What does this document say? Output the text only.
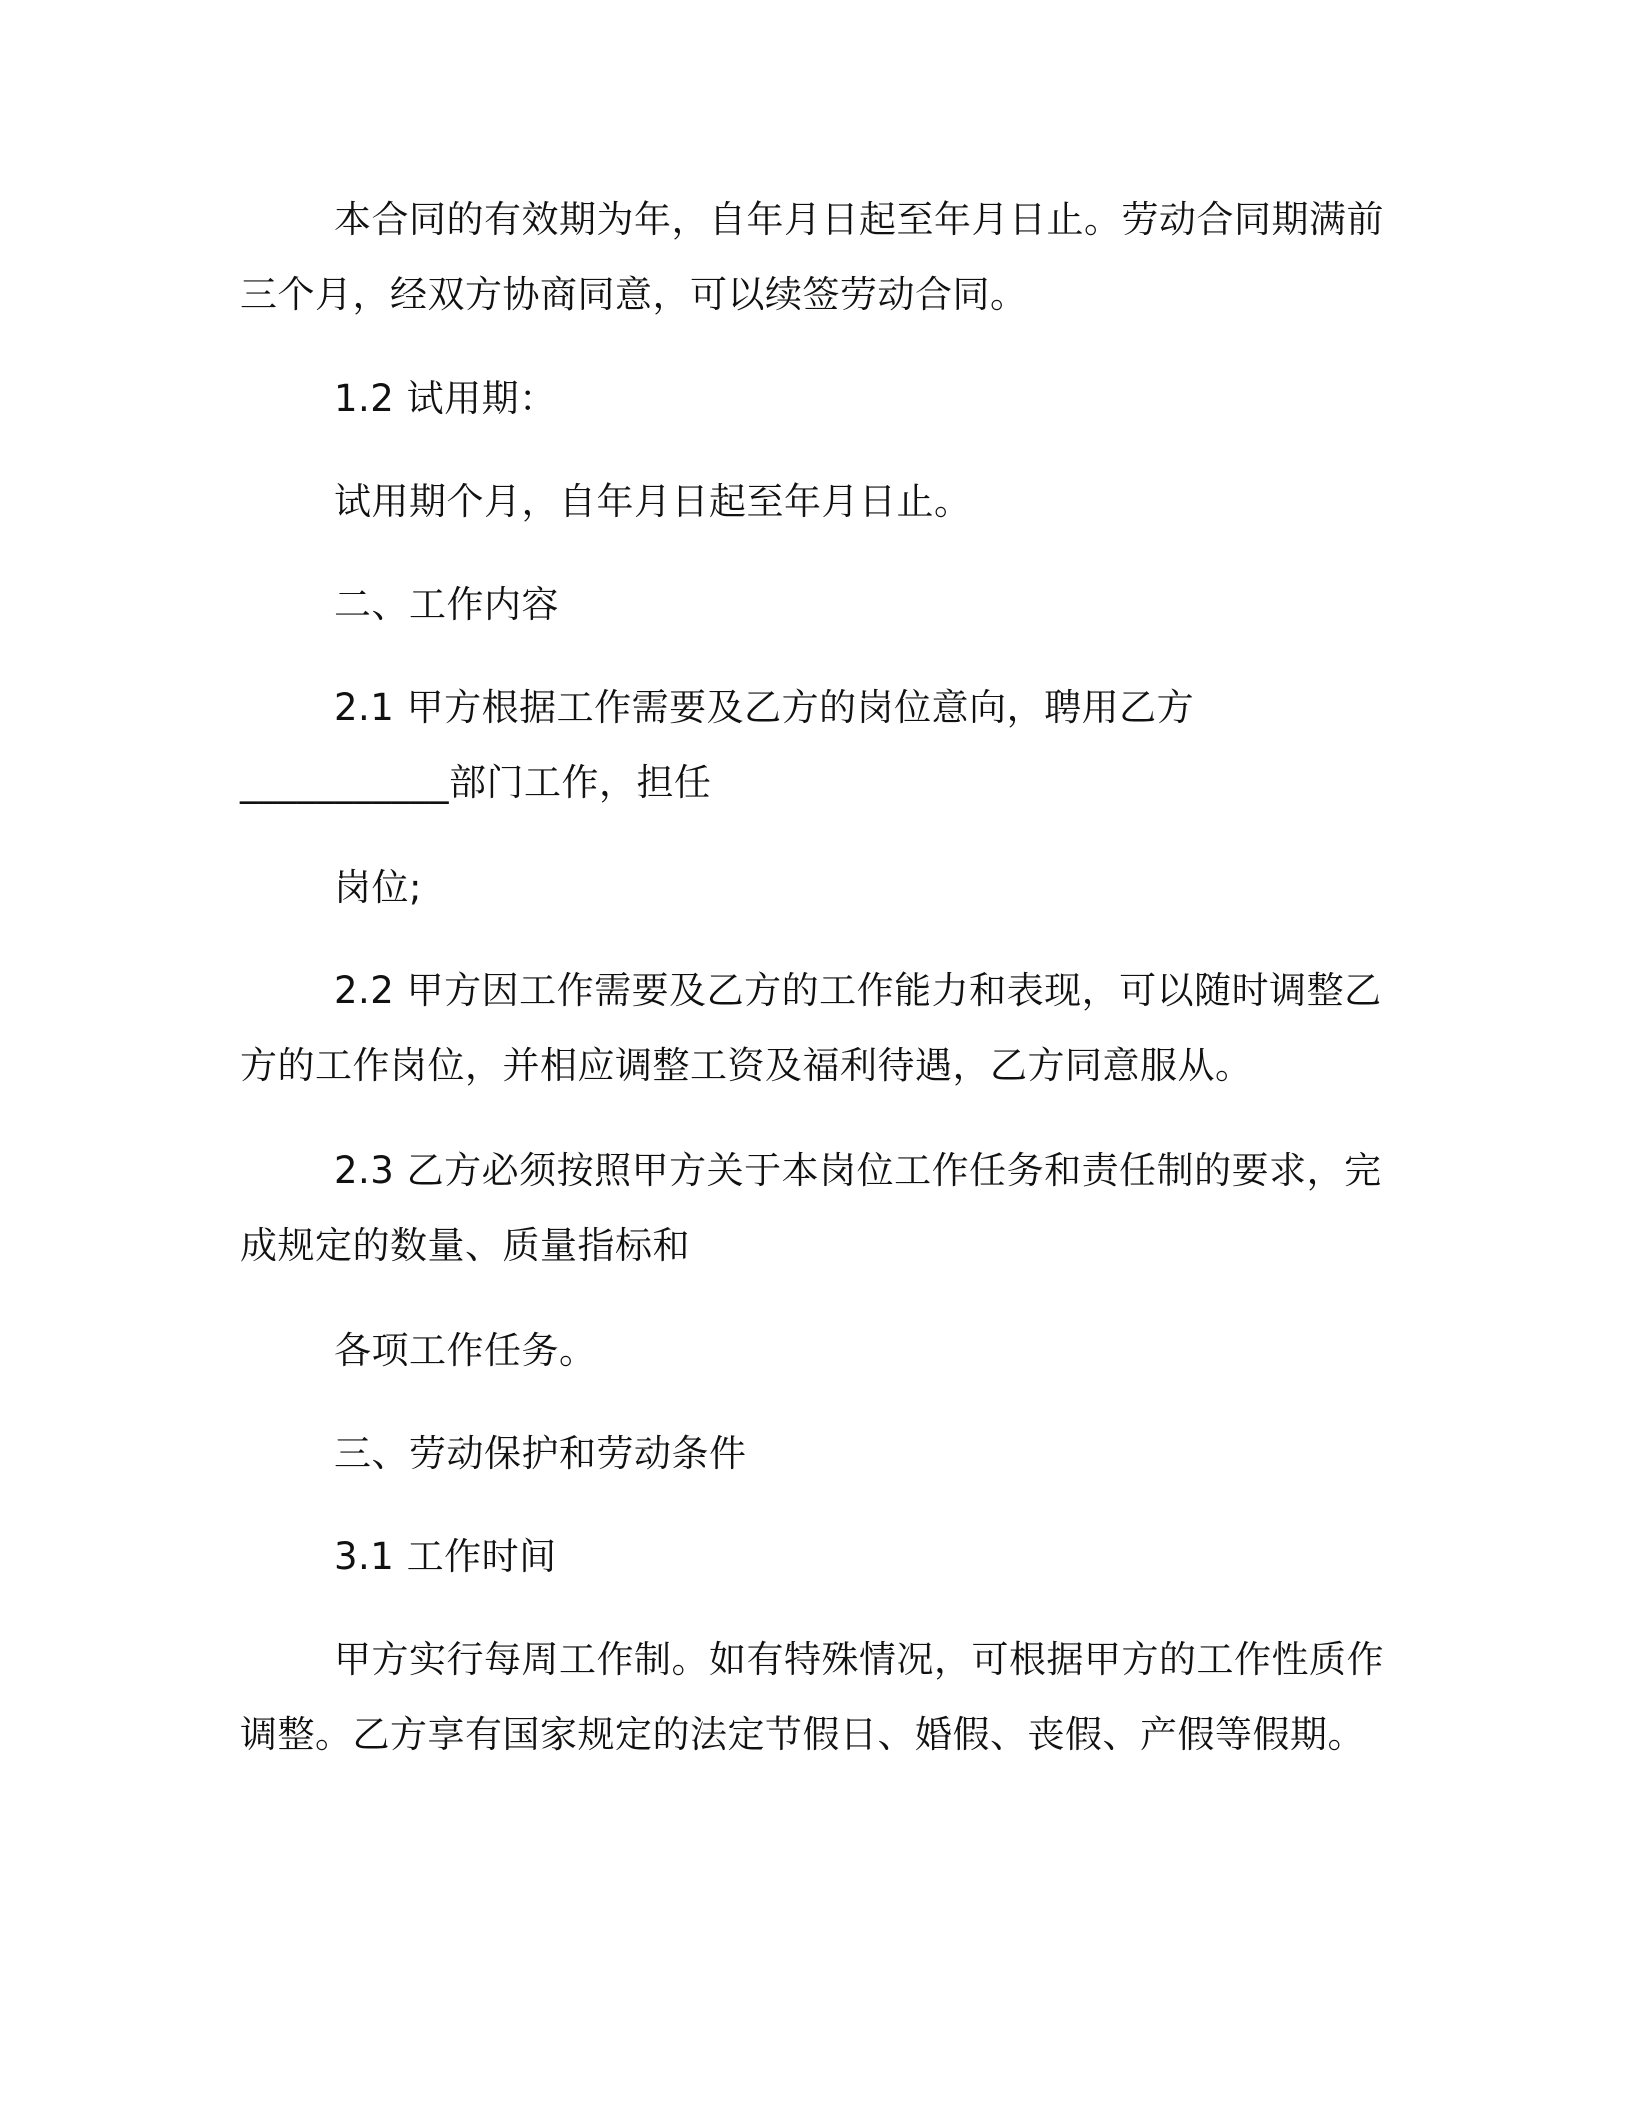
本合同的有效期为年，自年月日起至年月日止。劳动合同期满前
三个月，经双方协商同意，可以续签劳动合同。
1.2 试用期：
试用期个月，自年月日起至年月日止。
二、工作内容
2.1 甲方根据工作需要及乙方的岗位意向，聘用乙方
___________部门工作，担任
岗位;
2.2 甲方因工作需要及乙方的工作能力和表现，可以随时调整乙
方的工作岗位，并相应调整工资及福利待遇，乙方同意服从。
2.3 乙方必须按照甲方关于本岗位工作任务和责任制的要求，完
成规定的数量、质量指标和
各项工作任务。
三、劳动保护和劳动条件
3.1 工作时间
甲方实行每周工作制。如有特殊情况，可根据甲方的工作性质作
调整。乙方享有国家规定的法定节假日、婚假、丧假、产假等假期。
